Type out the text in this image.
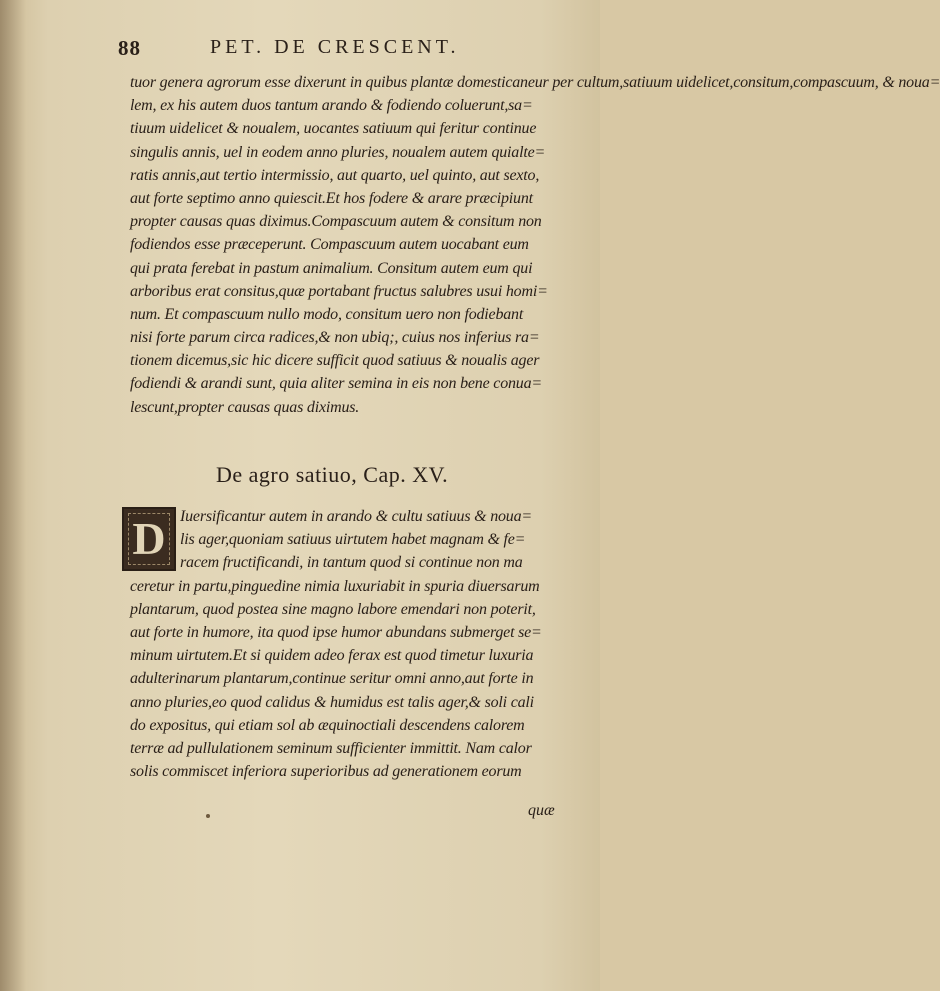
88	PET. DE CRESCENT.
tuor genera agrorum esse dixerunt in quibus plantæ domesticaneur per cultum,satiuum uidelicet,consitum,compascuum, & noua=
lem, ex his autem duos tantum arando & fodiendo coluerunt,sa=
tiuum uidelicet & noualem, uocantes satiuum qui feritur continue
singulis annis, uel in eodem anno pluries, noualem autem quialte=
ratis annis,aut tertio intermissio, aut quarto, uel quinto, aut sexto,
aut forte septimo anno quiescit.Et hos fodere & arare præcipiunt
propter causas quas diximus.Compascuum autem & consitum non
fodiendos esse præceperunt. Compascuum autem uocabant eum
qui prata ferebat in pastum animalium. Consitum autem eum qui
arboribus erat consitus,quæ portabant fructus salubres usui homi=
num. Et compascuum nullo modo, consitum uero non fodiebant
nisi forte parum circa radices,& non ubiq;, cuius nos inferius ra=
tionem dicemus,sic hic dicere sufficit quod satiuus & noualis ager
fodiendi & arandi sunt, quia aliter semina in eis non bene conua=
lescunt,propter causas quas diximus.
De agro satiuo, Cap. XV.
D Iuersificantur autem in arando & cultu satiuus & noua=
lis ager,quoniam satiuus uirtutem habet magnam & fe=
racem fructificandi, in tantum quod si continue non ma
ceretur in partu,pinguedine nimia luxuriabit in spuria diuersarum
plantarum, quod postea sine magno labore emendari non poterit,
aut forte in humore, ita quod ipse humor abundans submerget se=
minum uirtutem.Et si quidem adeo ferax est quod timetur luxuria
adulterinarum plantarum,continue seritur omni anno,aut forte in
anno pluries,eo quod calidus & humidus est talis ager,& soli cali
do expositus, qui etiam sol ab æquinoctiali descendens calorem
terræ ad pullulationem seminum sufficienter immittit. Nam calor
solis commiscet inferiora superioribus ad generationem eorum
quæ
